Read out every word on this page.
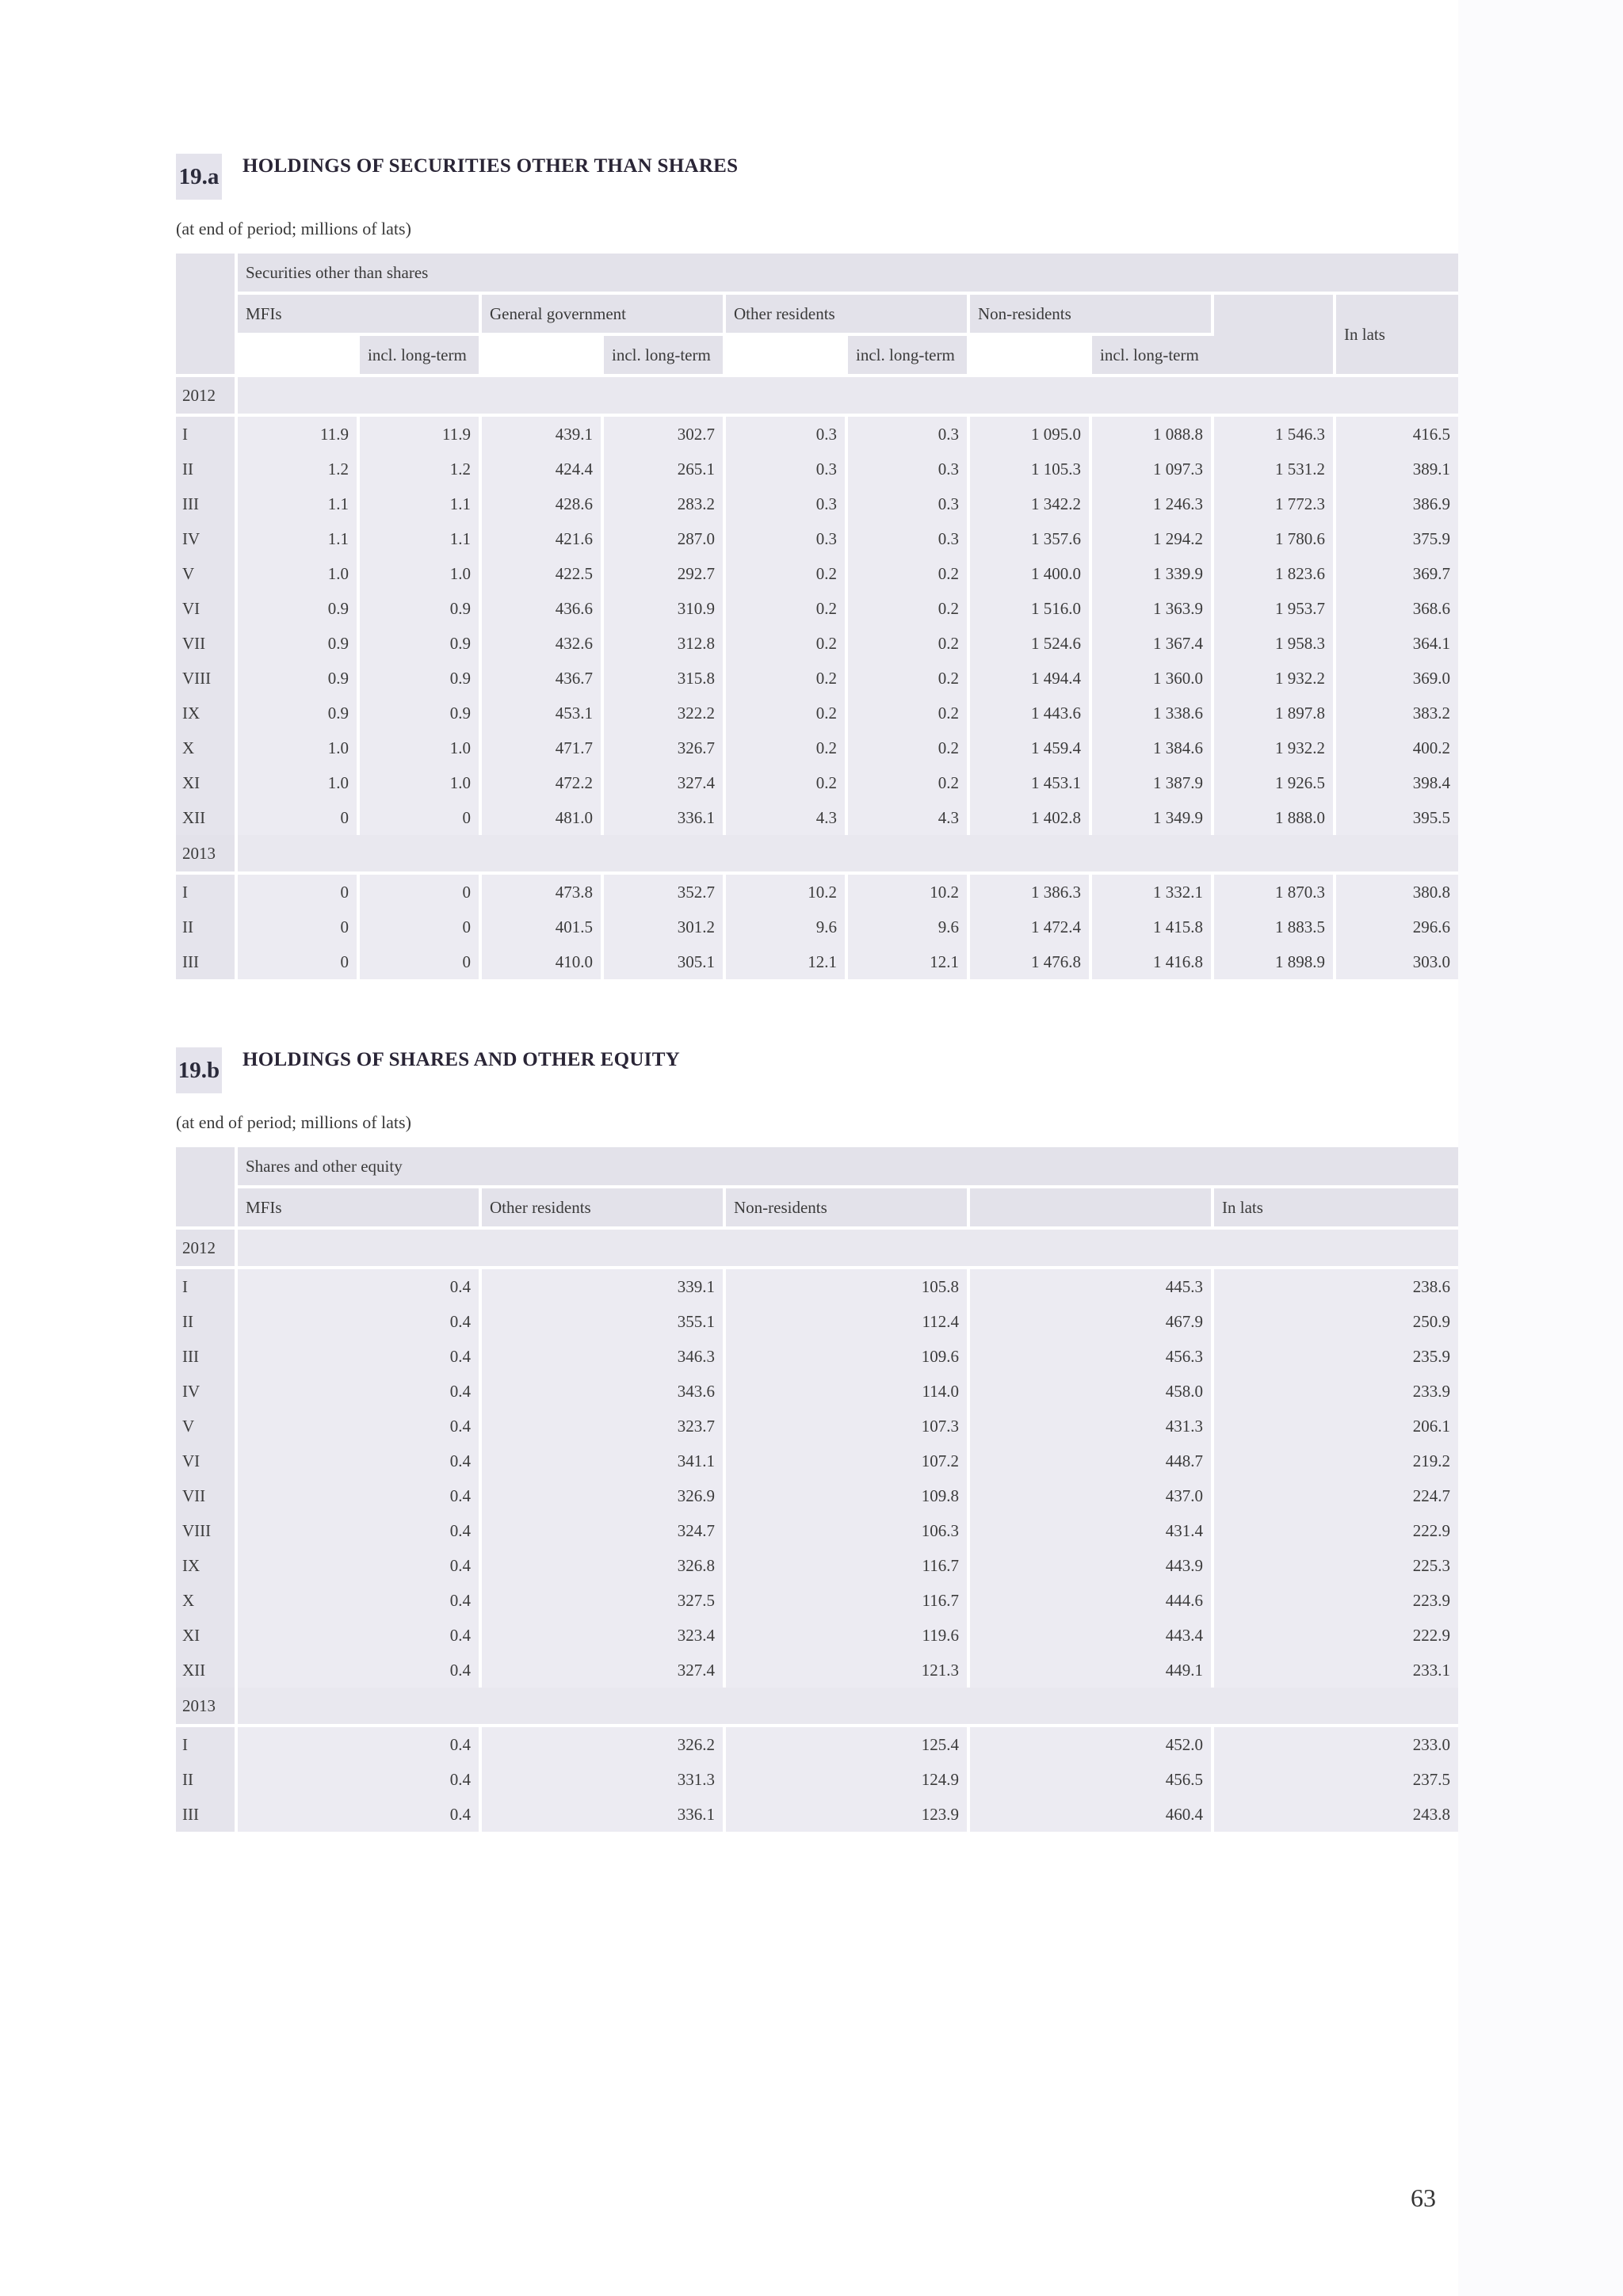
19.a HOLDINGS OF SECURITIES OTHER THAN SHARES
(at end of period; millions of lats)
	Securities other than shares									
	MFIs		General government		Other residents		Non-residents			In lats
		incl. long-term		incl. long-term		incl. long-term		incl. long-term		
2012										
I	11.9	11.9	439.1	302.7	0.3	0.3	1 095.0	1 088.8	1 546.3	416.5
II	1.2	1.2	424.4	265.1	0.3	0.3	1 105.3	1 097.3	1 531.2	389.1
III	1.1	1.1	428.6	283.2	0.3	0.3	1 342.2	1 246.3	1 772.3	386.9
IV	1.1	1.1	421.6	287.0	0.3	0.3	1 357.6	1 294.2	1 780.6	375.9
V	1.0	1.0	422.5	292.7	0.2	0.2	1 400.0	1 339.9	1 823.6	369.7
VI	0.9	0.9	436.6	310.9	0.2	0.2	1 516.0	1 363.9	1 953.7	368.6
VII	0.9	0.9	432.6	312.8	0.2	0.2	1 524.6	1 367.4	1 958.3	364.1
VIII	0.9	0.9	436.7	315.8	0.2	0.2	1 494.4	1 360.0	1 932.2	369.0
IX	0.9	0.9	453.1	322.2	0.2	0.2	1 443.6	1 338.6	1 897.8	383.2
X	1.0	1.0	471.7	326.7	0.2	0.2	1 459.4	1 384.6	1 932.2	400.2
XI	1.0	1.0	472.2	327.4	0.2	0.2	1 453.1	1 387.9	1 926.5	398.4
XII	0	0	481.0	336.1	4.3	4.3	1 402.8	1 349.9	1 888.0	395.5
2013										
I	0	0	473.8	352.7	10.2	10.2	1 386.3	1 332.1	1 870.3	380.8
II	0	0	401.5	301.2	9.6	9.6	1 472.4	1 415.8	1 883.5	296.6
III	0	0	410.0	305.1	12.1	12.1	1 476.8	1 416.8	1 898.9	303.0
19.b HOLDINGS OF SHARES AND OTHER EQUITY
(at end of period; millions of lats)
	Shares and other equity				
	MFIs	Other residents	Non-residents		In lats
2012					
I	0.4	339.1	105.8	445.3	238.6
II	0.4	355.1	112.4	467.9	250.9
III	0.4	346.3	109.6	456.3	235.9
IV	0.4	343.6	114.0	458.0	233.9
V	0.4	323.7	107.3	431.3	206.1
VI	0.4	341.1	107.2	448.7	219.2
VII	0.4	326.9	109.8	437.0	224.7
VIII	0.4	324.7	106.3	431.4	222.9
IX	0.4	326.8	116.7	443.9	225.3
X	0.4	327.5	116.7	444.6	223.9
XI	0.4	323.4	119.6	443.4	222.9
XII	0.4	327.4	121.3	449.1	233.1
2013					
I	0.4	326.2	125.4	452.0	233.0
II	0.4	331.3	124.9	456.5	237.5
III	0.4	336.1	123.9	460.4	243.8
63
